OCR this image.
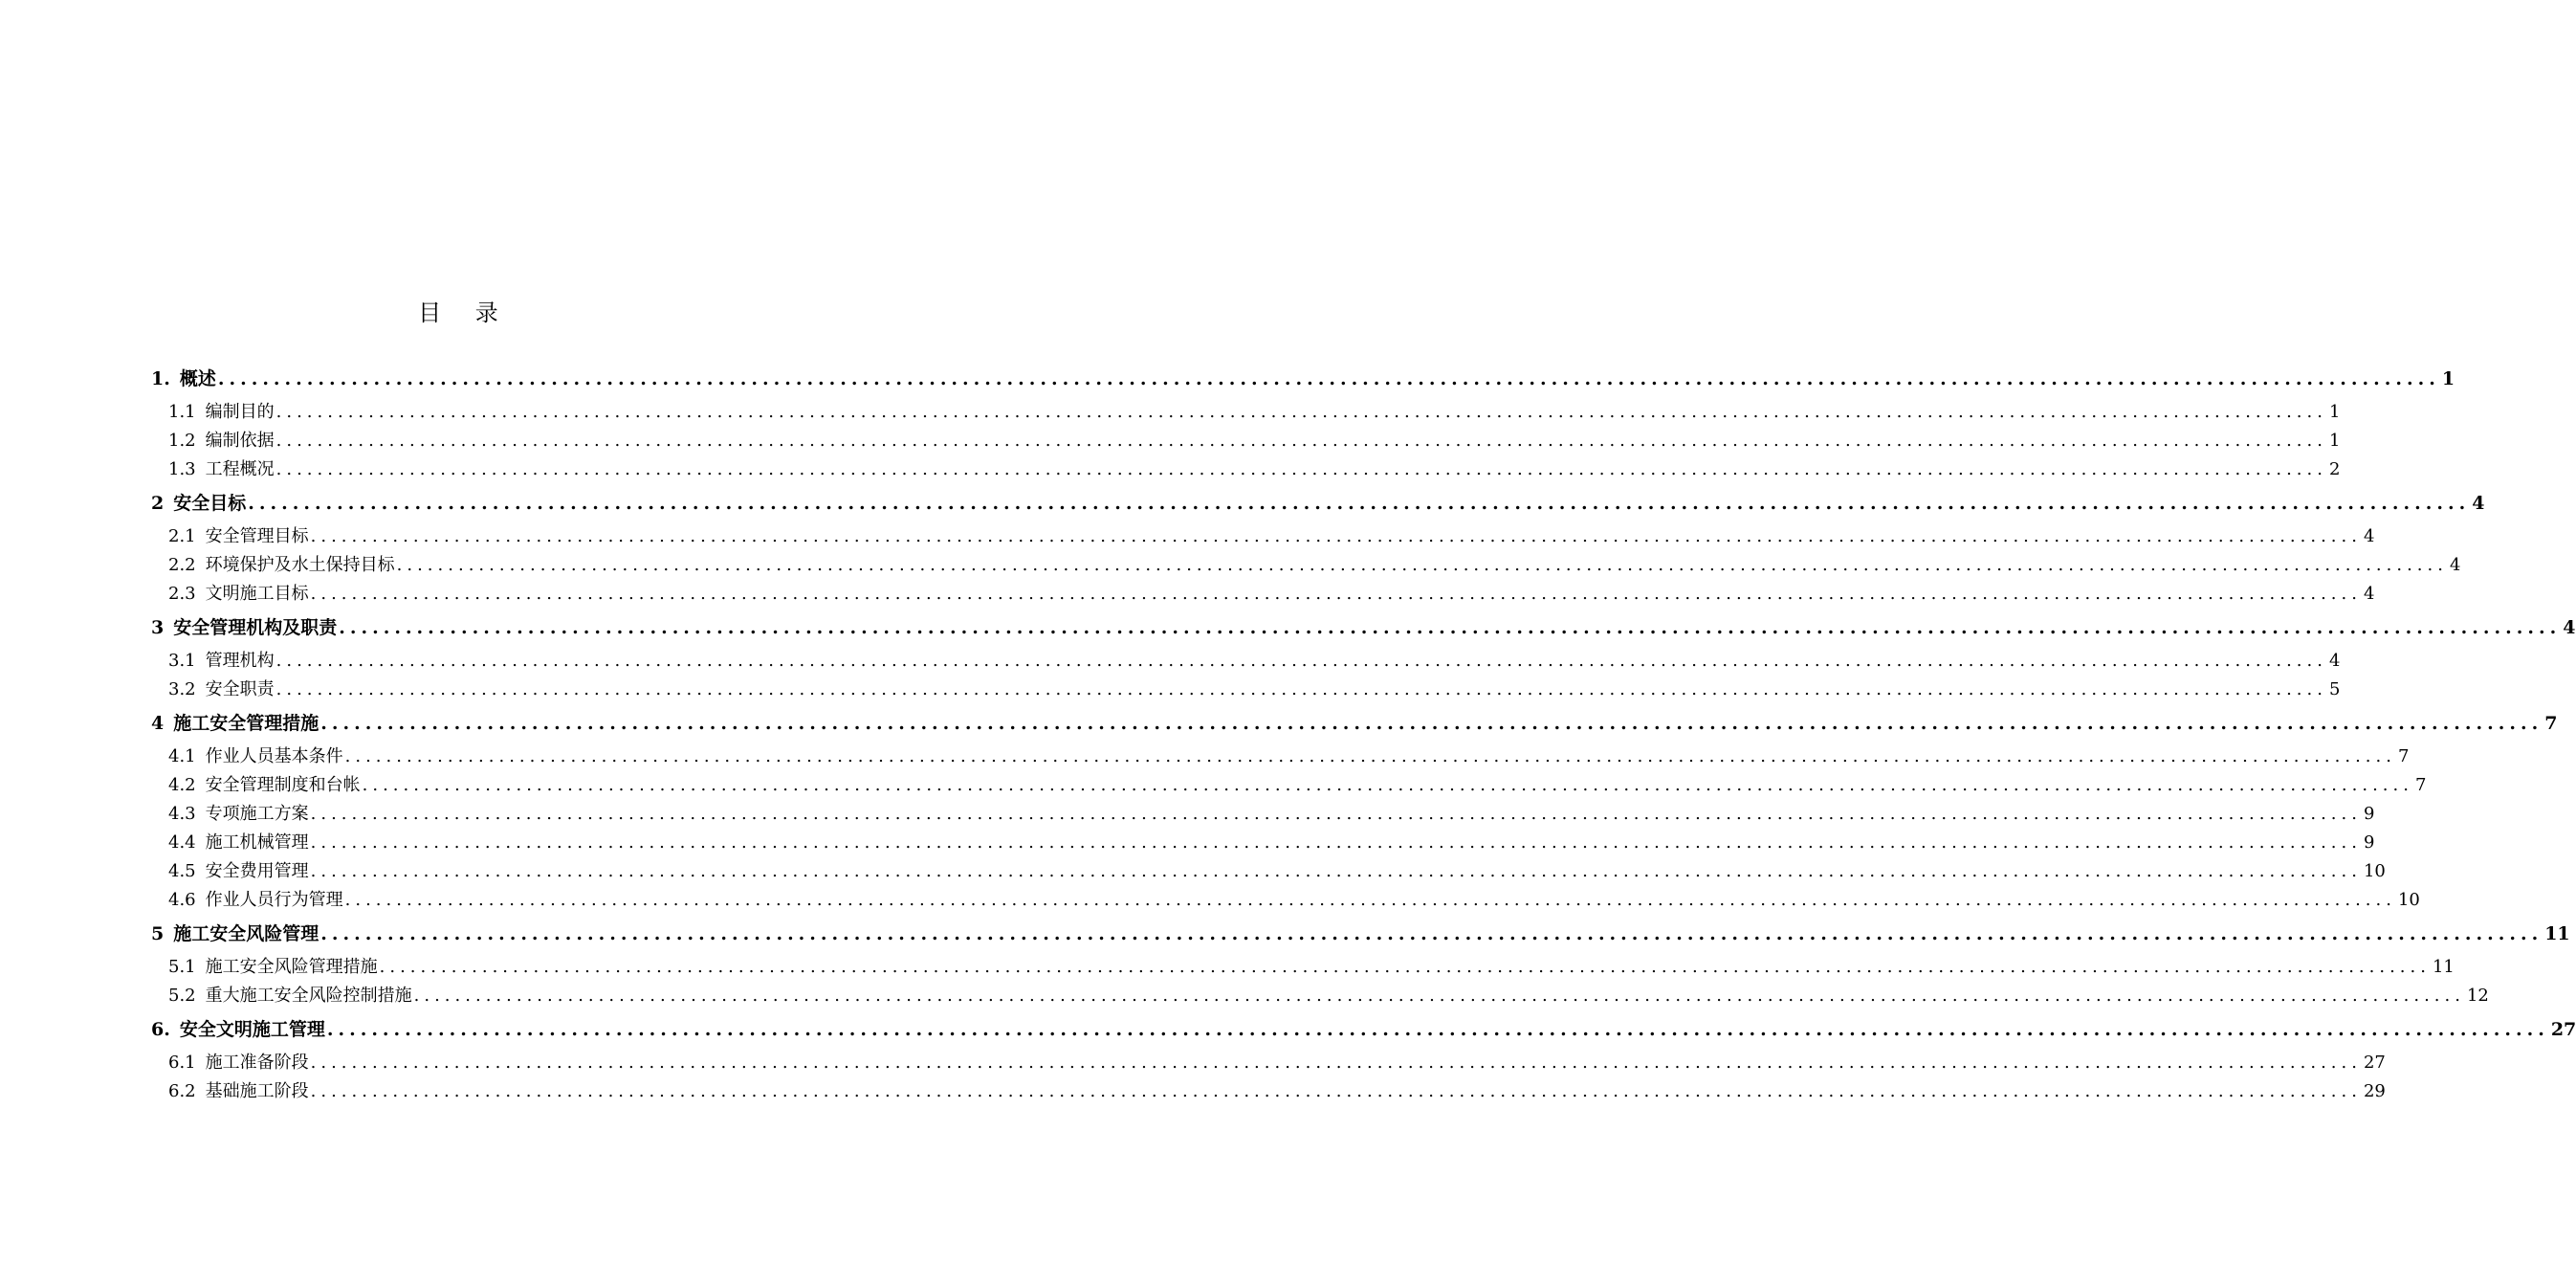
目 录
1. 概述 ........................................................................................................................................................................................................ 1
1.1 编制目的 ........................................................................................................................................................................................................ 1
1.2 编制依据 ........................................................................................................................................................................................................ 1
1.3 工程概况 ........................................................................................................................................................................................................ 2
2 安全目标 ........................................................................................................................................................................................................ 4
2.1 安全管理目标 ........................................................................................................................................................................................................ 4
2.2 环境保护及水土保持目标 ........................................................................................................................................................................................................ 4
2.3 文明施工目标 ........................................................................................................................................................................................................ 4
3 安全管理机构及职责 ........................................................................................................................................................................................................ 4
3.1 管理机构 ........................................................................................................................................................................................................ 4
3.2 安全职责 ........................................................................................................................................................................................................ 5
4 施工安全管理措施 ........................................................................................................................................................................................................ 7
4.1 作业人员基本条件 ........................................................................................................................................................................................................ 7
4.2 安全管理制度和台帐 ........................................................................................................................................................................................................ 7
4.3 专项施工方案 ........................................................................................................................................................................................................ 9
4.4 施工机械管理 ........................................................................................................................................................................................................ 9
4.5 安全费用管理 ........................................................................................................................................................................................................ 10
4.6 作业人员行为管理 ........................................................................................................................................................................................................ 10
5 施工安全风险管理 ........................................................................................................................................................................................................ 11
5.1 施工安全风险管理措施 ........................................................................................................................................................................................................ 11
5.2 重大施工安全风险控制措施 ........................................................................................................................................................................................................ 12
6. 安全文明施工管理 ........................................................................................................................................................................................................ 27
6.1 施工准备阶段 ........................................................................................................................................................................................................ 27
6.2 基础施工阶段 ........................................................................................................................................................................................................ 29
